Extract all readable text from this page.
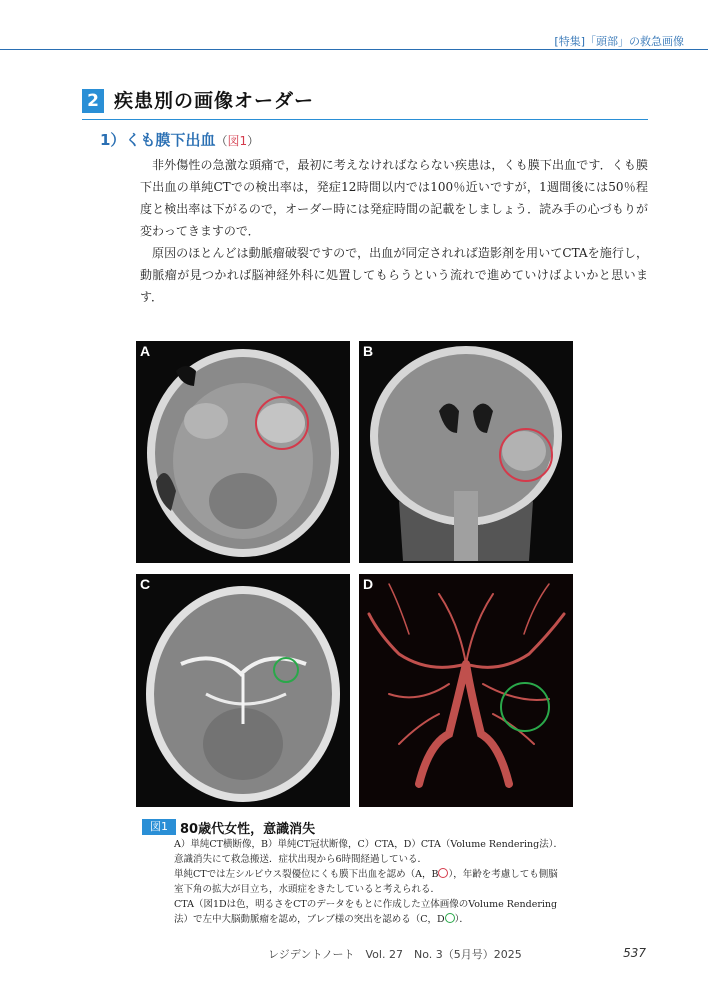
[特集]「頭部」の救急画像
2 疾患別の画像オーダー
1）くも膜下出血（図1）

非外傷性の急激な頭痛で，最初に考えなければならない疾患は，くも膜下出血です．くも膜下出血の単純CTでの検出率は，発症12時間以内では100％近いですが，1週間後には50％程度と検出率は下がるので，オーダー時には発症時間の記載をしましょう．読み手の心づもりが変わってきますので．

原因のほとんどは動脈瘤破裂ですので，出血が同定されれば造影剤を用いてCTAを施行し，動脈瘤が見つかれば脳神経外科に処置してもらうという流れで進めていけばよいかと思います．

A	B
C	D
図1 80歳代女性，意識消失
A）単純CT横断像，B）単純CT冠状断像，C）CTA，D）CTA（Volume Rendering法）．
意識消失にて救急搬送．症状出現から6時間経過している．
単純CTでは左シルビウス裂優位にくも膜下出血を認め（A，B ），年齢を考慮しても側脳
室下角の拡大が目立ち，水頭症をきたしていると考えられる．
CTA（図1Dは色，明るさをCTのデータをもとに作成した立体画像のVolume Rendering
法）で左中大脳動脈瘤を認め，ブレブ様の突出を認める（C，D ）．
レジデントノート　Vol. 27　No. 3（5月号）2025	537
